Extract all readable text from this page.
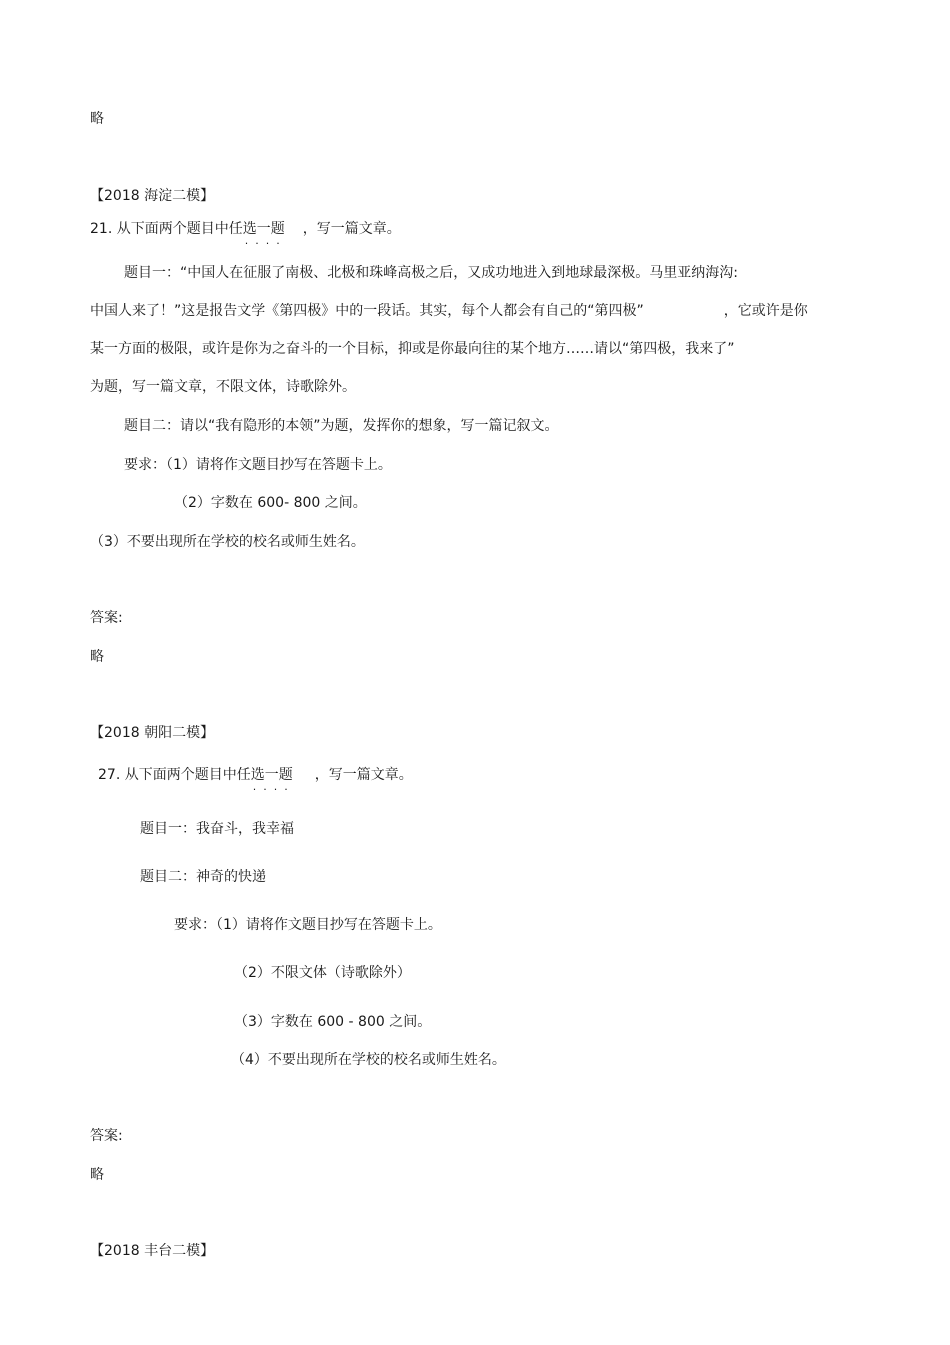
略
【2018 海淀二模】
21. 从下面两个题目中任选一题
....
，写一篇文章。
题目一：“中国人在征服了南极、北极和珠峰高极之后，又成功地进入到地球最深极。马里亚纳海沟:
中国人来了！”这是报告文学《第四极》中的一段话。其实，每个人都会有自己的“第四极”	，它或许是你
某一方面的极限，或许是你为之奋斗的一个目标，抑或是你最向往的某个地方……请以“第四极，我来了”
为题，写一篇文章，不限文体，诗歌除外。
题目二：请以“我有隐形的本领”为题，发挥你的想象，写一篇记叙文。
要求：（1）请将作文题目抄写在答题卡上。
（2）字数在 600- 800 之间。
（3）不要出现所在学校的校名或师生姓名。
答案:
略
【2018 朝阳二模】
27. 从下面两个题目中任选一题
....
，写一篇文章。
题目一：我奋斗，我幸福
题目二：神奇的快递
要求：（1）请将作文题目抄写在答题卡上。
（2）不限文体（诗歌除外）
（3）字数在 600 - 800 之间。
（4）不要出现所在学校的校名或师生姓名。
答案:
略
【2018 丰台二模】
